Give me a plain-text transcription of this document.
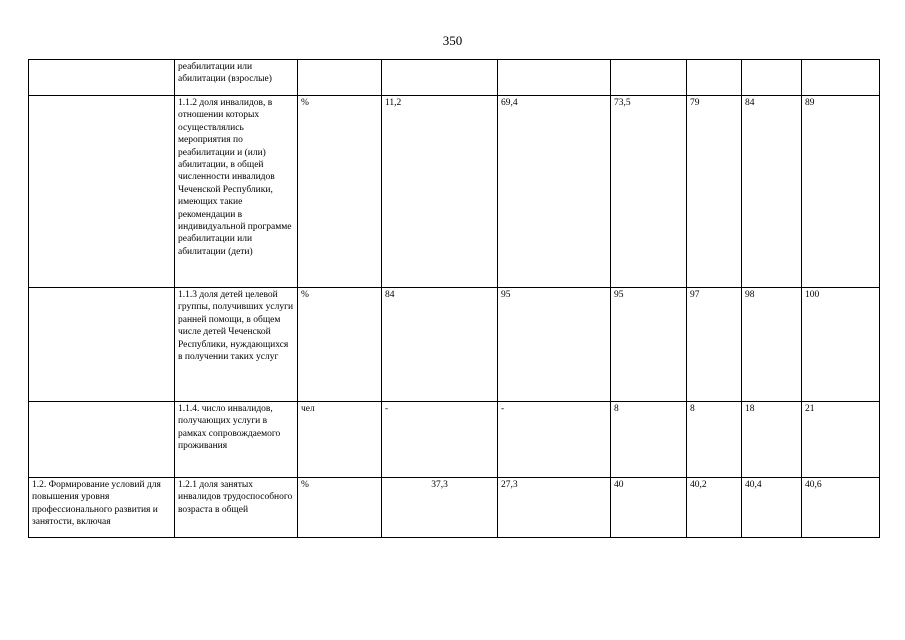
350
	реабилитации или абилитации (взрослые)							
	1.1.2 доля инвалидов, в отношении которых осуществлялись мероприятия по реабилитации и (или) абилитации, в общей численности инвалидов Чеченской Республики, имеющих такие рекомендации в индивидуальной программе реабилитации или абилитации (дети)	%	11,2	69,4	73,5	79	84	89
	1.1.3 доля детей целевой группы, получивших услуги ранней помощи, в общем числе детей Чеченской Республики, нуждающихся в получении таких услуг	%	84	95	95	97	98	100
	1.1.4. число инвалидов, получающих услуги в рамках сопровождаемого проживания	чел	-	-	8	8	18	21
1.2. Формирование условий для повышения уровня профессионального развития и занятости, включая	1.2.1 доля занятых инвалидов трудоспособного возраста в общей	%	37,3	27,3	40	40,2	40,4	40,6
